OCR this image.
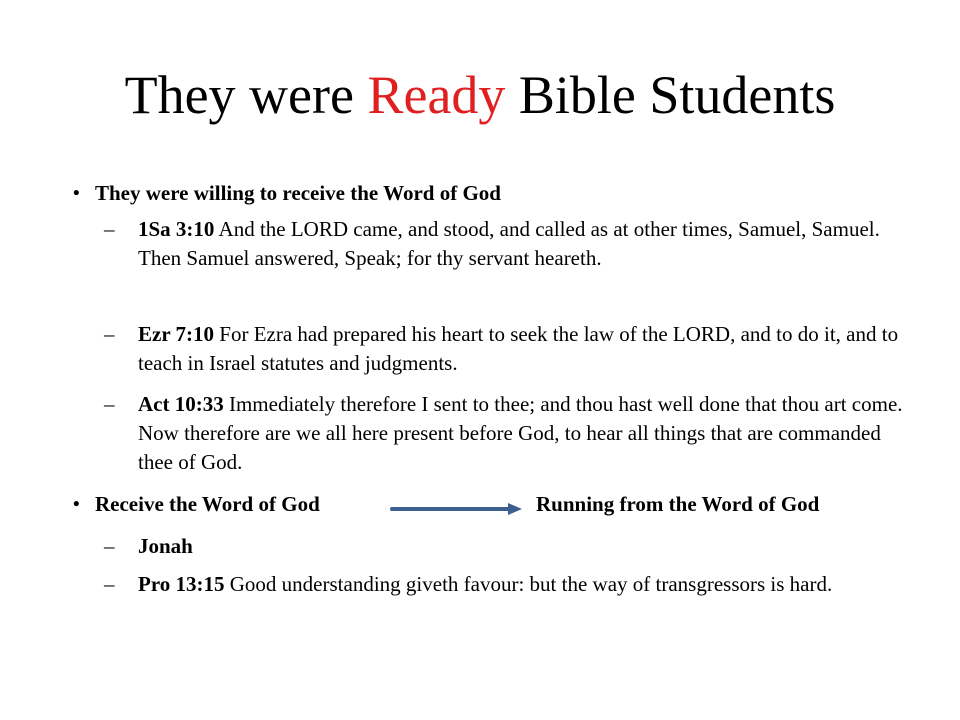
They were Ready Bible Students
• They were willing to receive the Word of God
– 1Sa 3:10 And the LORD came, and stood, and called as at other times, Samuel, Samuel. Then Samuel answered, Speak; for thy servant heareth.
– Ezr 7:10 For Ezra had prepared his heart to seek the law of the LORD, and to do it, and to teach in Israel statutes and judgments.
– Act 10:33 Immediately therefore I sent to thee; and thou hast well done that thou art come. Now therefore are we all here present before God, to hear all things that are commanded thee of God.
• Receive the Word of God	Running from the Word of God
– Jonah
– Pro 13:15 Good understanding giveth favour: but the way of transgressors is hard.
